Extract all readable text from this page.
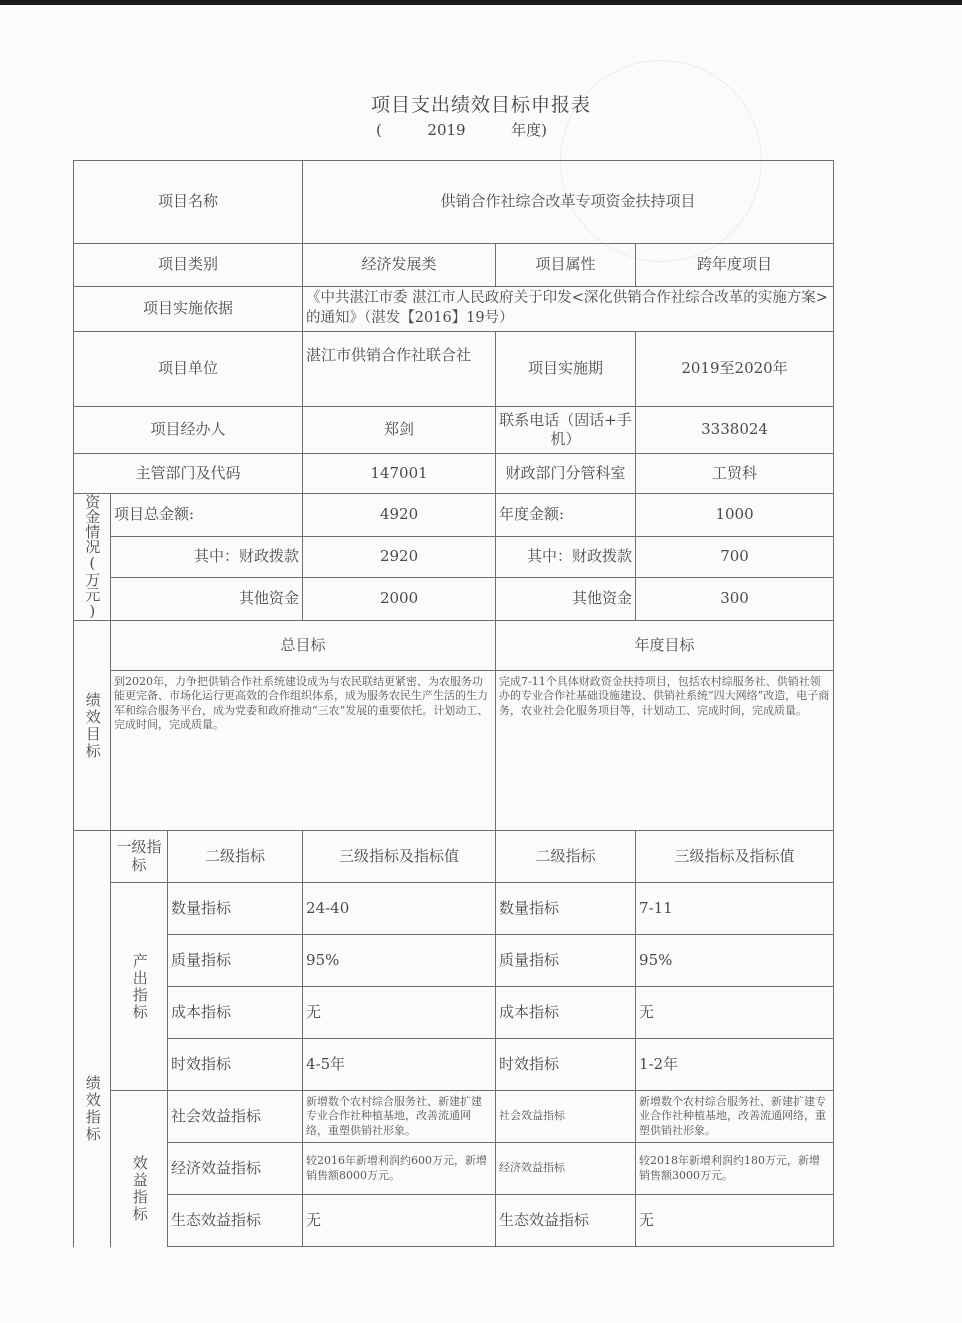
项目支出绩效目标申报表
(	2019	年度)
项目名称			供销合作社综合改革专项资金扶持项目		
项目类别			经济发展类	项目属性	跨年度项目
项目实施依据			《中共湛江市委 湛江市人民政府关于印发<深化供销合作社综合改革的实施方案>的通知》（湛发【2016】19号）		
项目单位			湛江市供销合作社联合社	项目实施期	2019至2020年
项目经办人			郑剑	联系电话（固话+手机）	3338024
主管部门及代码			147001	财政部门分管科室	工贸科

资金情况(万元)	项目总金额:		4920	年度金额:	1000
	其中：财政拨款		2920	其中：财政拨款	700
	其他资金		2000	其他资金	300

绩效目标	总目标			年度目标	
	到2020年，力争把供销合作社系统建设成为与农民联结更紧密、为农服务功能更完备、市场化运行更高效的合作组织体系，成为服务农民生产生活的生力军和综合服务平台，成为党委和政府推动“三农”发展的重要依托。计划动工、完成时间，完成质量。			完成7-11个具体财政资金扶持项目，包括农村综服务社、供销社领办的专业合作社基础设施建设、供销社系统“四大网络”改造，电子商务，农业社会化服务项目等，计划动工、完成时间，完成质量。	

绩效指标	一级指标	二级指标	三级指标及指标值	二级指标	三级指标及指标值

	产出指标	数量指标	24-40	数量指标	7-11
		质量指标	95%	质量指标	95%
		成本指标	无	成本指标	无
		时效指标	4-5年	时效指标	1-2年

	效益指标	社会效益指标	新增数个农村综合服务社、新建扩建专业合作社种植基地，改善流通网络，重塑供销社形象。	社会效益指标	新增数个农村综合服务社、新建扩建专业合作社种植基地，改善流通网络，重塑供销社形象。
		经济效益指标	较2016年新增利润约600万元，新增销售额8000万元。	经济效益指标	较2018年新增利润约180万元，新增销售额3000万元。
		生态效益指标	无	生态效益指标	无
